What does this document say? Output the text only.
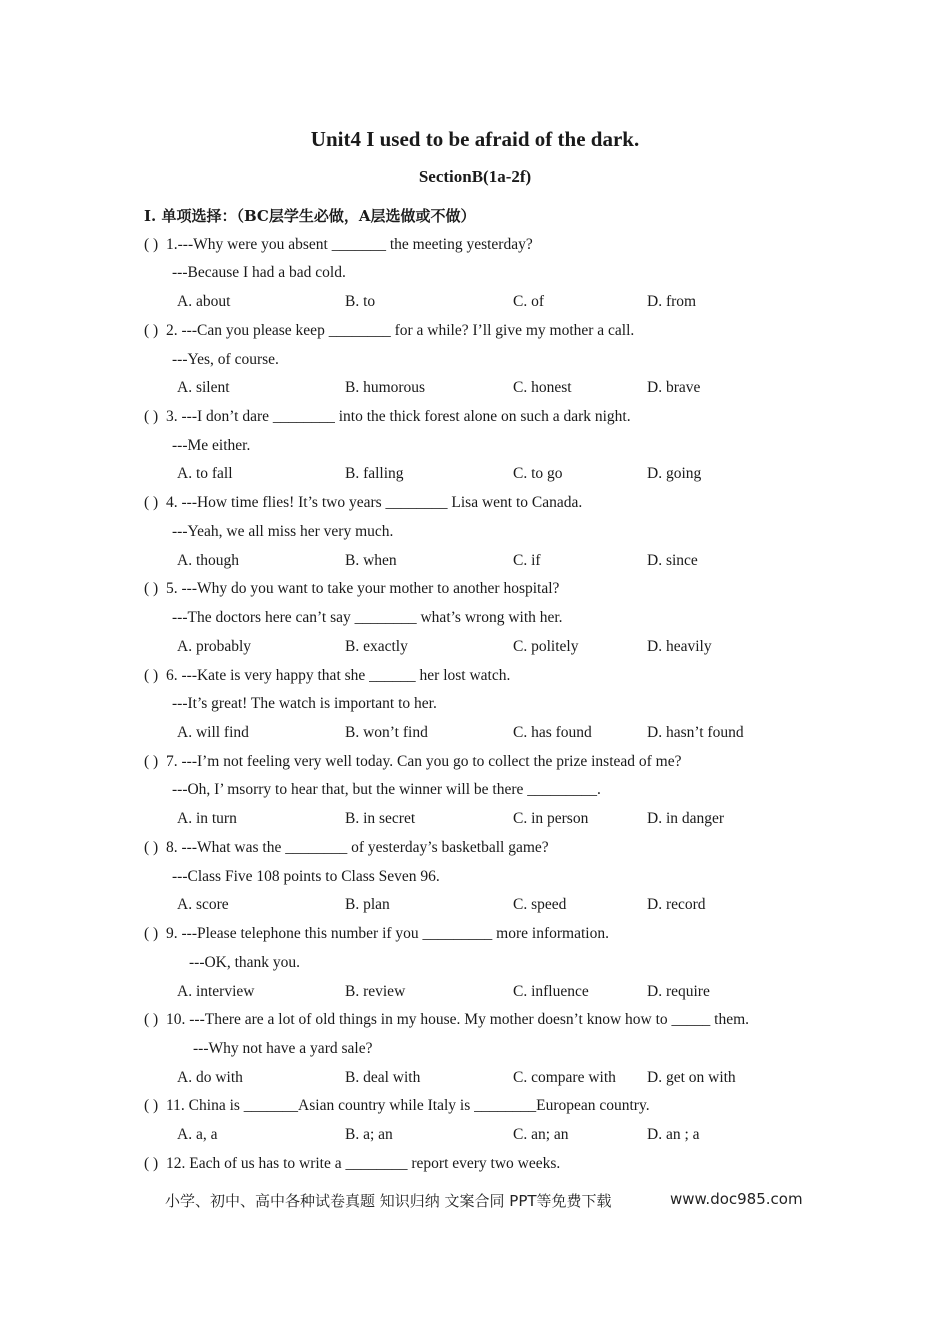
Unit4 I used to be afraid of the dark.
SectionB(1a-2f)
I. 单项选择：（BC层学生必做，A层选做或不做）
( ) 1.---Why were you absent _______ the meeting yesterday?
---Because I had a bad cold.
A. about	B. to	C. of	D. from
( ) 2. ---Can you please keep ________ for a while? I’ll give my mother a call.
---Yes, of course.
A. silent	B. humorous	C. honest	D. brave
( ) 3. ---I don’t dare ________ into the thick forest alone on such a dark night.
---Me either.
A. to fall	B. falling	C. to go	D. going
( ) 4. ---How time flies! It’s two years ________ Lisa went to Canada.
---Yeah, we all miss her very much.
A. though	B. when	C. if	D. since
( ) 5. ---Why do you want to take your mother to another hospital?
---The doctors here can’t say ________ what’s wrong with her.
A. probably	B. exactly	C. politely	D. heavily
( ) 6. ---Kate is very happy that she ______ her lost watch.
---It’s great! The watch is important to her.
A. will find	B. won’t find	C. has found	D. hasn’t found
( ) 7. ---I’m not feeling very well today. Can you go to collect the prize instead of me?
---Oh, I’ msorry to hear that, but the winner will be there _________.
A. in turn	B. in secret	C. in person	D. in danger
( ) 8. ---What was the ________ of yesterday’s basketball game?
---Class Five 108 points to Class Seven 96.
A. score	B. plan	C. speed	D. record
( ) 9. ---Please telephone this number if you _________ more information.
---OK, thank you.
A. interview	B. review	C. influence	D. require
( ) 10. ---There are a lot of old things in my house. My mother doesn’t know how to _____ them.
---Why not have a yard sale?
A. do with	B. deal with	C. compare with D. get on with
( ) 11. China is _______Asian country while Italy is ________European country.
A. a, a	B. a; an	C. an; an	D. an ; a
( ) 12. Each of us has to write a ________ report every two weeks.
小学、初中、高中各种试卷真题 知识归纳 文案合同 PPT等免费下载	www.doc985.com
